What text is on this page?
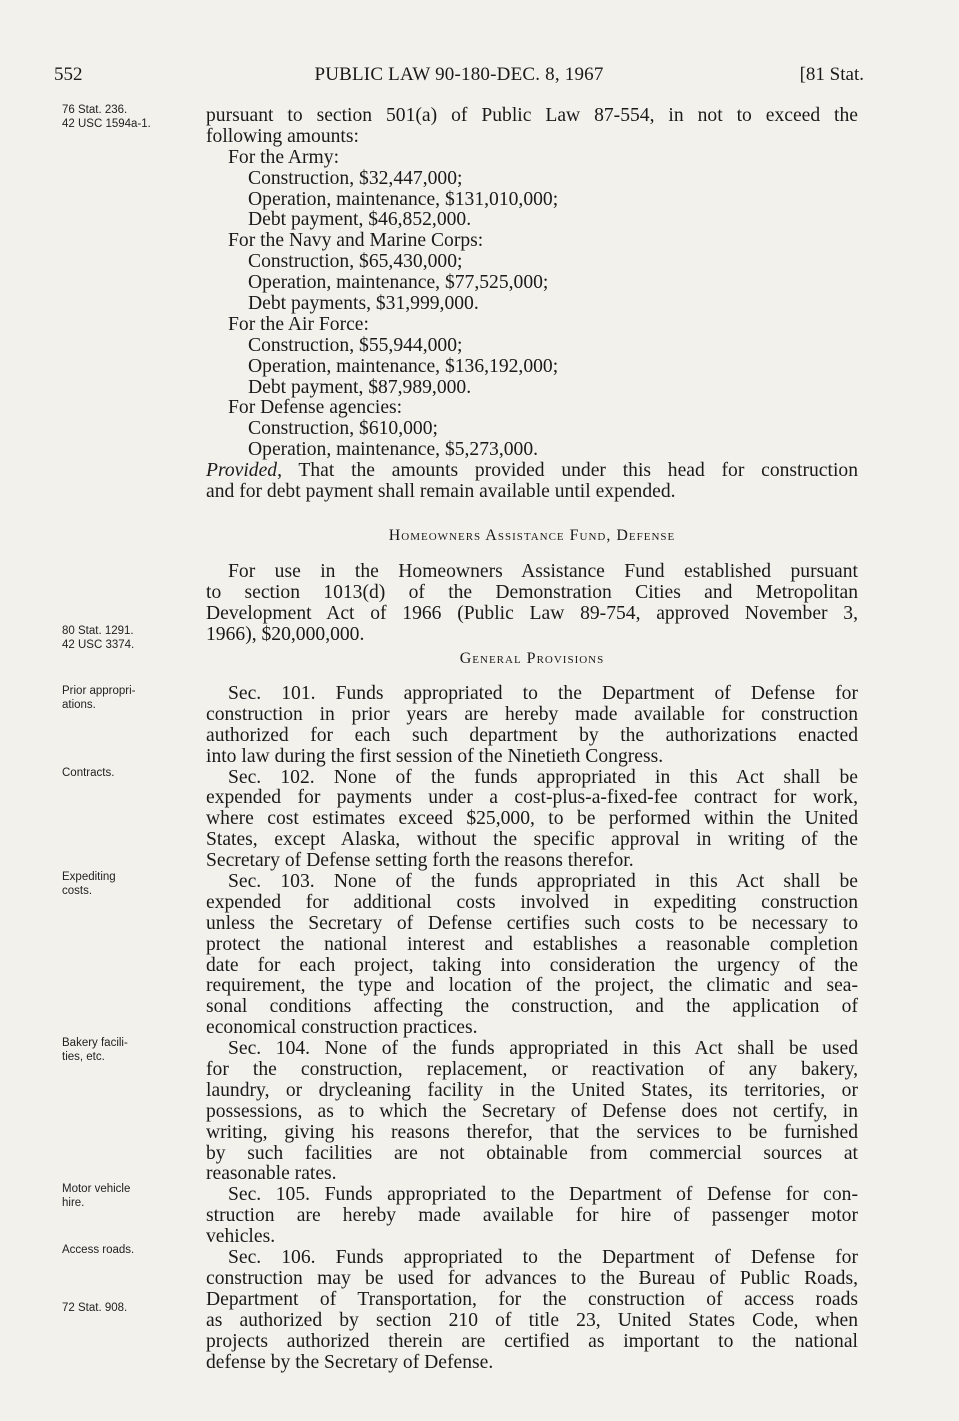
552	PUBLIC LAW 90-180-DEC. 8, 1967	[81 Stat.
76 Stat. 236.
42 USC 1594a-1.
80 Stat. 1291.
42 USC 3374.
Prior appropri-
ations.
Contracts.
Expediting
costs.
Bakery facili-
ties, etc.
Motor vehicle
hire.
Access roads.
72 Stat. 908.
pursuant to section 501(a) of Public Law 87-554, in not to exceed the
following amounts:
For the Army:
Construction, $32,447,000;
Operation, maintenance, $131,010,000;
Debt payment, $46,852,000.
For the Navy and Marine Corps:
Construction, $65,430,000;
Operation, maintenance, $77,525,000;
Debt payments, $31,999,000.
For the Air Force:
Construction, $55,944,000;
Operation, maintenance, $136,192,000;
Debt payment, $87,989,000.
For Defense agencies:
Construction, $610,000;
Operation, maintenance, $5,273,000.
Provided, That the amounts provided under this head for construction
and for debt payment shall remain available until expended.
Homeowners Assistance Fund, Defense
For use in the Homeowners Assistance Fund established pursuant
to section 1013(d) of the Demonstration Cities and Metropolitan
Development Act of 1966 (Public Law 89-754, approved November 3,
1966), $20,000,000.
General Provisions
Sec. 101. Funds appropriated to the Department of Defense for
construction in prior years are hereby made available for construction
authorized for each such department by the authorizations enacted
into law during the first session of the Ninetieth Congress.
Sec. 102. None of the funds appropriated in this Act shall be
expended for payments under a cost-plus-a-fixed-fee contract for work,
where cost estimates exceed $25,000, to be performed within the United
States, except Alaska, without the specific approval in writing of the
Secretary of Defense setting forth the reasons therefor.
Sec. 103. None of the funds appropriated in this Act shall be
expended for additional costs involved in expediting construction
unless the Secretary of Defense certifies such costs to be necessary to
protect the national interest and establishes a reasonable completion
date for each project, taking into consideration the urgency of the
requirement, the type and location of the project, the climatic and sea-
sonal conditions affecting the construction, and the application of
economical construction practices.
Sec. 104. None of the funds appropriated in this Act shall be used
for the construction, replacement, or reactivation of any bakery,
laundry, or drycleaning facility in the United States, its territories, or
possessions, as to which the Secretary of Defense does not certify, in
writing, giving his reasons therefor, that the services to be furnished
by such facilities are not obtainable from commercial sources at
reasonable rates.
Sec. 105. Funds appropriated to the Department of Defense for con-
struction are hereby made available for hire of passenger motor
vehicles.
Sec. 106. Funds appropriated to the Department of Defense for
construction may be used for advances to the Bureau of Public Roads,
Department of Transportation, for the construction of access roads
as authorized by section 210 of title 23, United States Code, when
projects authorized therein are certified as important to the national
defense by the Secretary of Defense.
